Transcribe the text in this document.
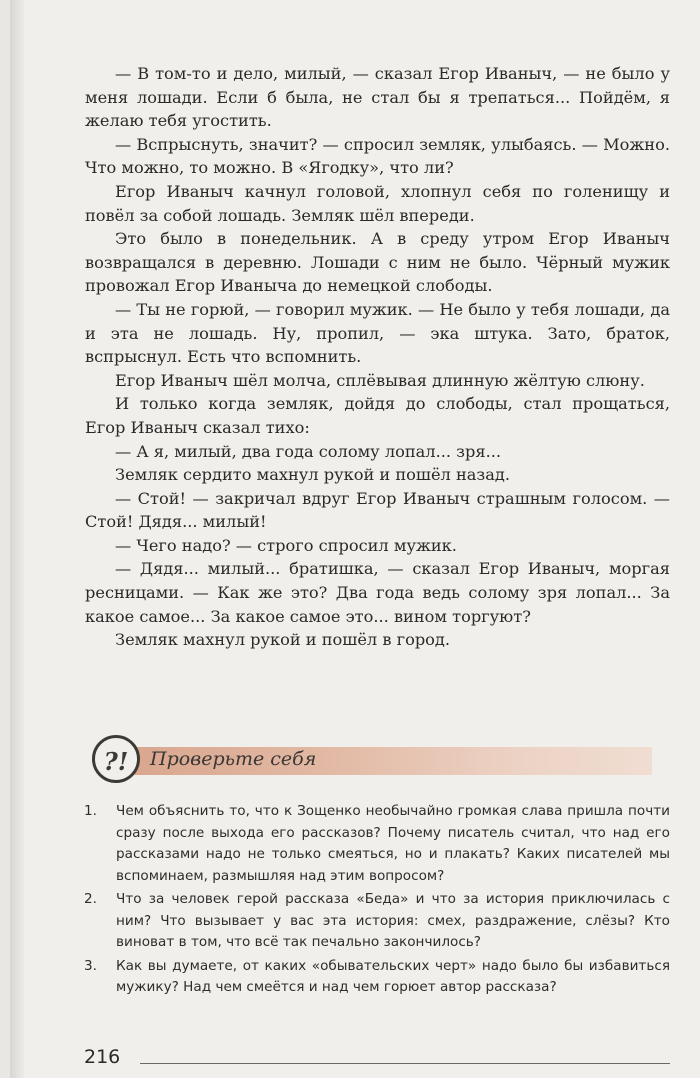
— В том-то и дело, милый, — сказал Егор Иваныч, — не было у меня лошади. Если б была, не стал бы я трепаться... Пойдём, я желаю тебя угостить.

— Вспрыснуть, значит? — спросил земляк, улыбаясь. — Можно. Что можно, то можно. В «Ягодку», что ли?

Егор Иваныч качнул головой, хлопнул себя по голенищу и повёл за собой лошадь. Земляк шёл впереди.

Это было в понедельник. А в среду утром Егор Иваныч возвращался в деревню. Лошади с ним не было. Чёрный мужик провожал Егор Иваныча до немецкой слободы.

— Ты не горюй, — говорил мужик. — Не было у тебя лошади, да и эта не лошадь. Ну, пропил, — эка штука. Зато, браток, вспрыснул. Есть что вспомнить.

Егор Иваныч шёл молча, сплёвывая длинную жёлтую слюну.

И только когда земляк, дойдя до слободы, стал прощаться, Егор Иваныч сказал тихо:

— А я, милый, два года солому лопал... зря...

Земляк сердито махнул рукой и пошёл назад.

— Стой! — закричал вдруг Егор Иваныч страшным голосом. — Стой! Дядя... милый!

— Чего надо? — строго спросил мужик.

— Дядя... милый... братишка, — сказал Егор Иваныч, моргая ресницами. — Как же это? Два года ведь солому зря лопал... За какое самое... За какое самое это... вином торгуют?

Земляк махнул рукой и пошёл в город.

?!	Проверьте себя
1. Чем объяснить то, что к Зощенко необычайно громкая слава пришла почти сразу после выхода его рассказов? Почему писатель считал, что над его рассказами надо не только смеяться, но и плакать? Каких писателей мы вспоминаем, размышляя над этим вопросом?
2. Что за человек герой рассказа «Беда» и что за история приключилась с ним? Что вызывает у вас эта история: смех, раздражение, слёзы? Кто виноват в том, что всё так печально закончилось?
3. Как вы думаете, от каких «обывательских черт» надо было бы избавиться мужику? Над чем смеётся и над чем горюет автор рассказа?
216
